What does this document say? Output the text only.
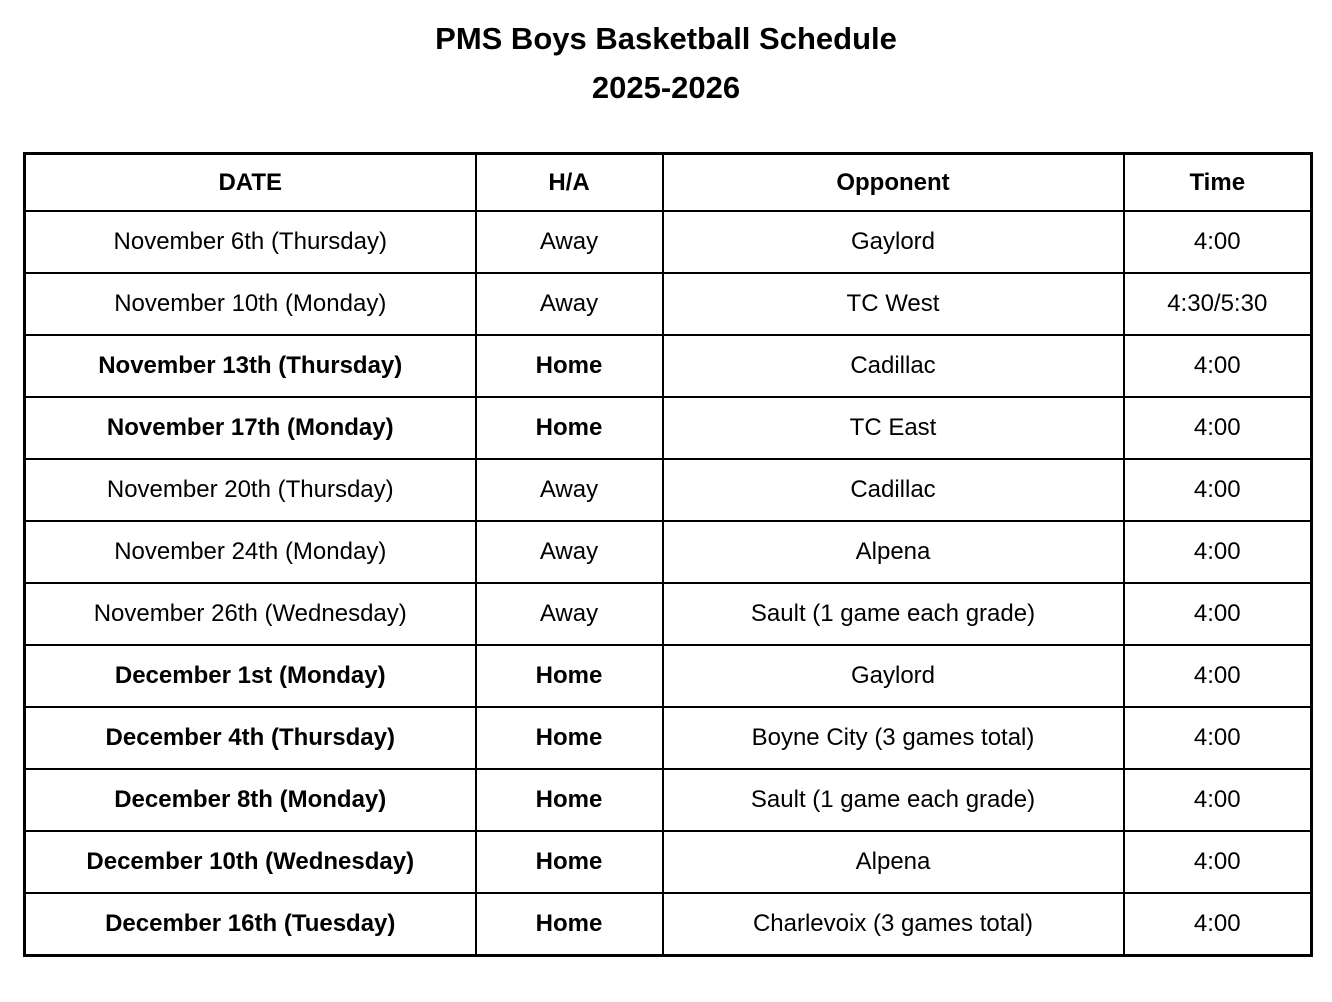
PMS Boys Basketball Schedule
2025-2026
DATE	H/A	Opponent	Time
November 6th (Thursday)	Away	Gaylord	4:00
November 10th (Monday)	Away	TC West	4:30/5:30
November 13th (Thursday)	Home	Cadillac	4:00
November 17th (Monday)	Home	TC East	4:00
November 20th (Thursday)	Away	Cadillac	4:00
November 24th (Monday)	Away	Alpena	4:00
November 26th (Wednesday)	Away	Sault (1 game each grade)	4:00
December 1st (Monday)	Home	Gaylord	4:00
December 4th (Thursday)	Home	Boyne City (3 games total)	4:00
December 8th (Monday)	Home	Sault (1 game each grade)	4:00
December 10th (Wednesday)	Home	Alpena	4:00
December 16th (Tuesday)	Home	Charlevoix (3 games total)	4:00
